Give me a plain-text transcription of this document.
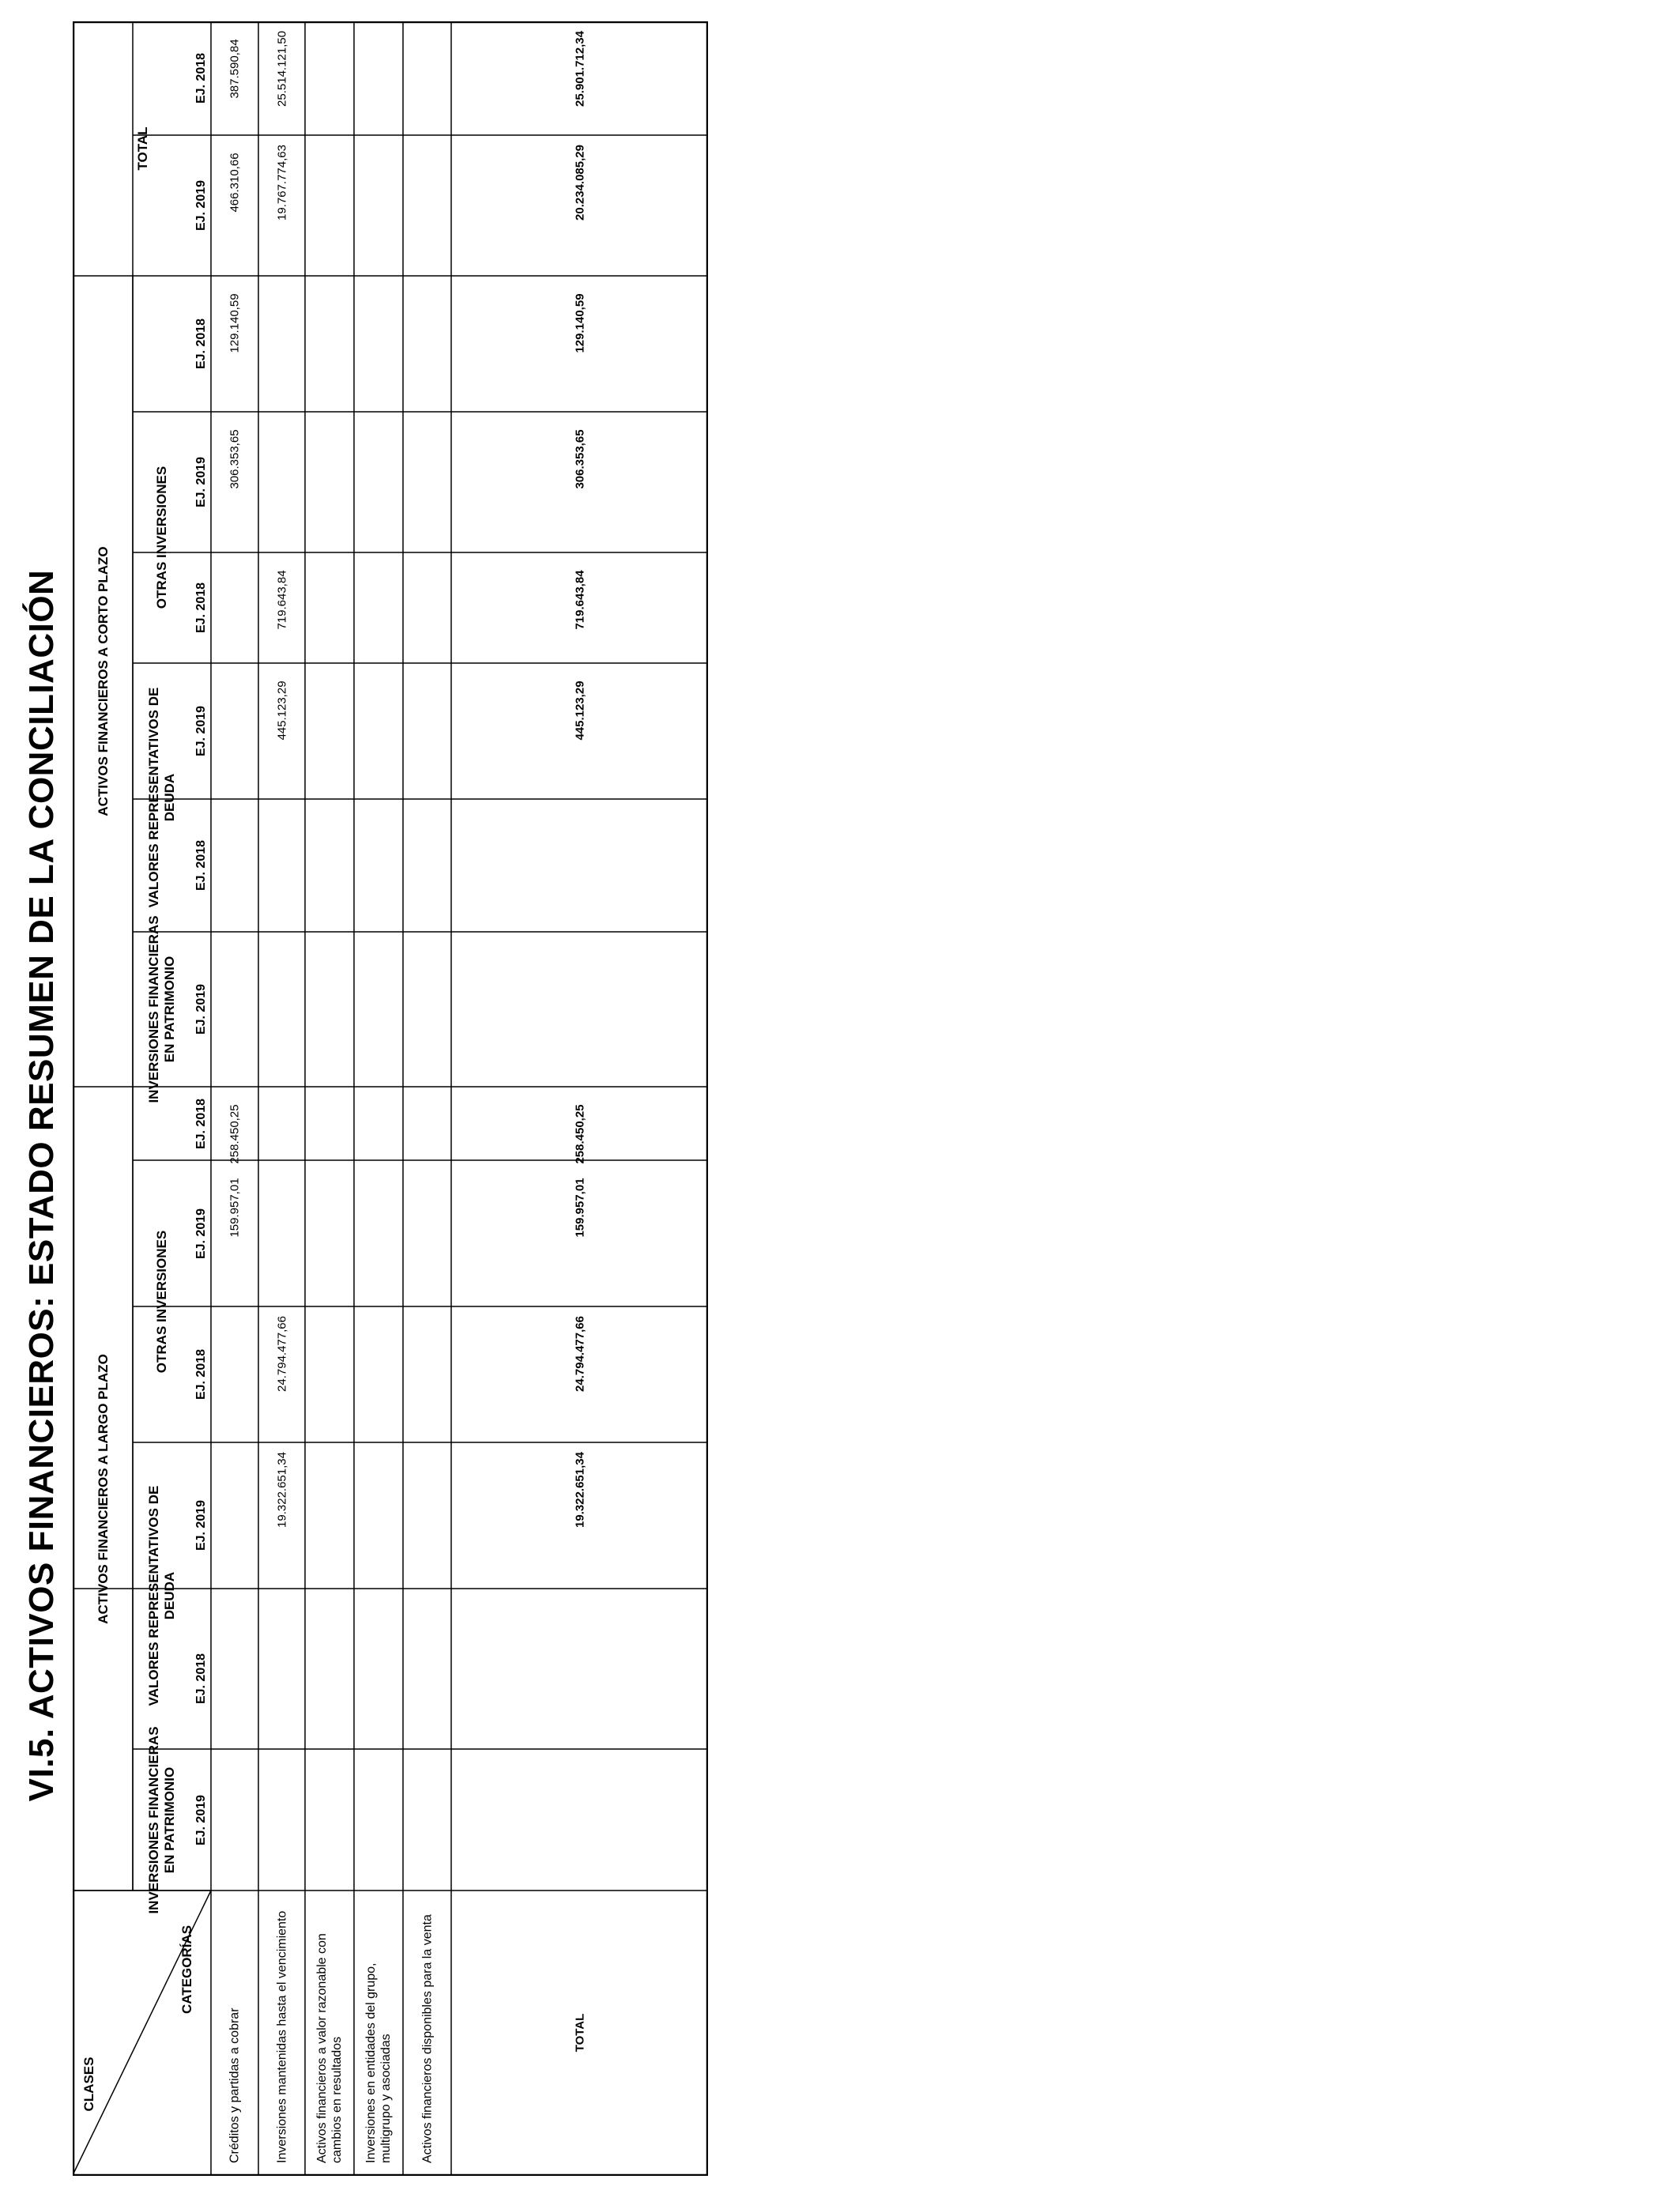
VI.5. ACTIVOS FINANCIEROS: ESTADO RESUMEN DE LA CONCILIACIÓN
CLASES
CATEGORÍAS
ACTIVOS FINANCIEROS A LARGO PLAZO
ACTIVOS FINANCIEROS A CORTO PLAZO
TOTAL
INVERSIONES FINANCIERAS
EN PATRIMONIO
VALORES REPRESENTATIVOS DE
DEUDA
OTRAS INVERSIONES
INVERSIONES FINANCIERAS
EN PATRIMONIO
VALORES REPRESENTATIVOS DE
DEUDA
OTRAS INVERSIONES
EJ. 2019
EJ. 2018
EJ. 2019
EJ. 2018
EJ. 2019
EJ. 2018
EJ. 2019
EJ. 2018
EJ. 2019
EJ. 2018
EJ. 2019
EJ. 2018
EJ. 2019
EJ. 2018
Créditos y partidas a cobrar
159.957,01
258.450,25
306.353,65
129.140,59
466.310,66
387.590,84
Inversiones mantenidas hasta el vencimiento
19.322.651,34
24.794.477,66
445.123,29
719.643,84
19.767.774,63
25.514.121,50
Activos financieros a valor razonable con cambios en resultados Inversiones en entidades del grupo, multigrupo y asociadas Activos financieros disponibles para la venta	TOTAL
19.322.651,34
24.794.477,66
159.957,01
258.450,25
445.123,29
719.643,84
306.353,65
129.140,59
20.234.085,29
25.901.712,34
